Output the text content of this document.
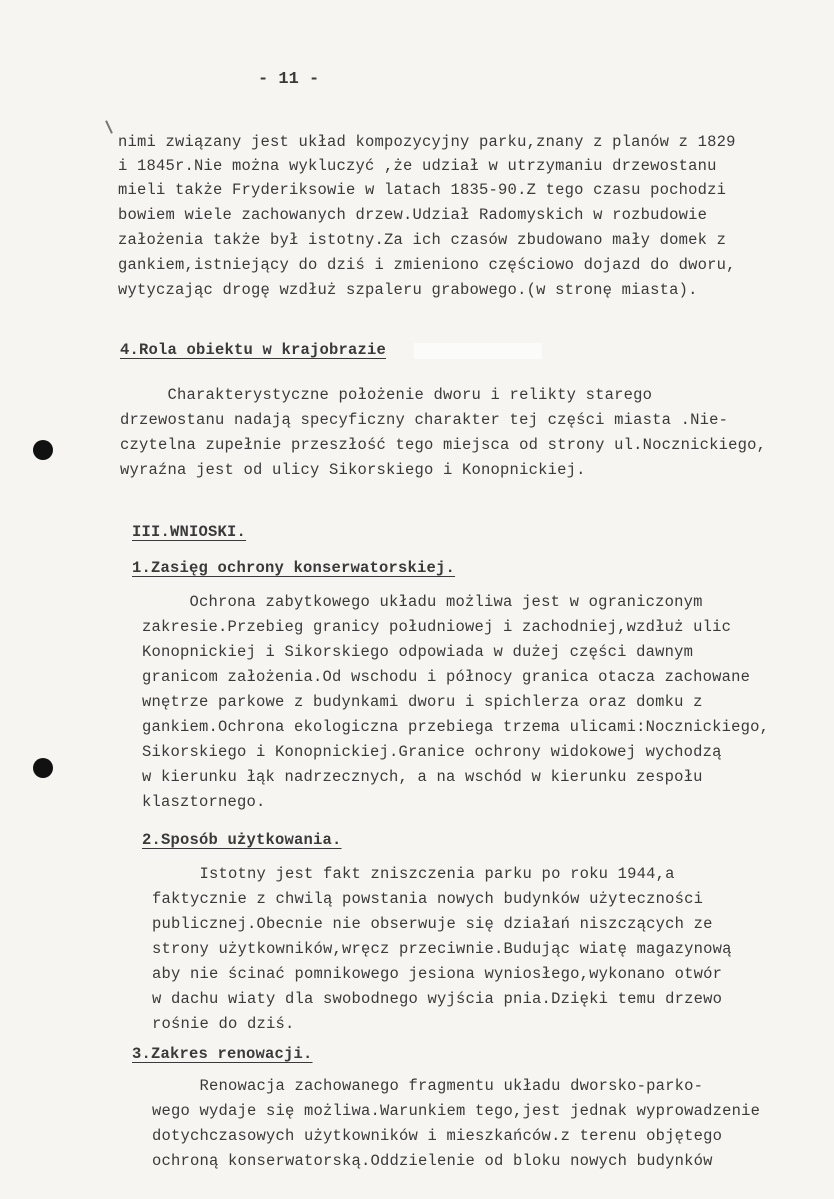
- 11 -
nimi związany jest układ kompozycyjny parku,znany z planów z 1829
i 1845r.Nie można wykluczyć ,że udział w utrzymaniu drzewostanu
mieli także Fryderiksowie w latach 1835-90.Z tego czasu pochodzi
bowiem wiele zachowanych drzew.Udział Radomyskich w rozbudowie
założenia także był istotny.Za ich czasów zbudowano mały domek z
gankiem,istniejący do dziś i zmieniono częściowo dojazd do dworu,
wytyczając drogę wzdłuż szpaleru grabowego.(w stronę miasta).
4.Rola obiektu w krajobrazie
Charakterystyczne położenie dworu i relikty starego
drzewostanu nadają specyficzny charakter tej części miasta .Nie-
czytelna zupełnie przeszłość tego miejsca od strony ul.Nocznickiego,
wyraźna jest od ulicy Sikorskiego i Konopnickiej.
III.WNIOSKI.
1.Zasięg ochrony konserwatorskiej.
Ochrona zabytkowego układu możliwa jest w ograniczonym
zakresie.Przebieg granicy południowej i zachodniej,wzdłuż ulic
Konopnickiej i Sikorskiego odpowiada w dużej części dawnym
granicom założenia.Od wschodu i północy granica otacza zachowane
wnętrze parkowe z budynkami dworu i spichlerza oraz domku z
gankiem.Ochrona ekologiczna przebiega trzema ulicami:Nocznickiego,
Sikorskiego i Konopnickiej.Granice ochrony widokowej wychodzą
w kierunku łąk nadrzecznych, a na wschód w kierunku zespołu
klasztornego.
2.Sposób użytkowania.
Istotny jest fakt zniszczenia parku po roku 1944,a
faktycznie z chwilą powstania nowych budynków użyteczności
publicznej.Obecnie nie obserwuje się działań niszczących ze
strony użytkowników,wręcz przeciwnie.Budując wiatę magazynową
aby nie ścinać pomnikowego jesiona wyniosłego,wykonano otwór
w dachu wiaty dla swobodnego wyjścia pnia.Dzięki temu drzewo
rośnie do dziś.
3.Zakres renowacji.
Renowacja zachowanego fragmentu układu dworsko-parko-
wego wydaje się możliwa.Warunkiem tego,jest jednak wyprowadzenie
dotychczasowych użytkowników i mieszkańców.z terenu objętego
ochroną konserwatorską.Oddzielenie od bloku nowych budynków
